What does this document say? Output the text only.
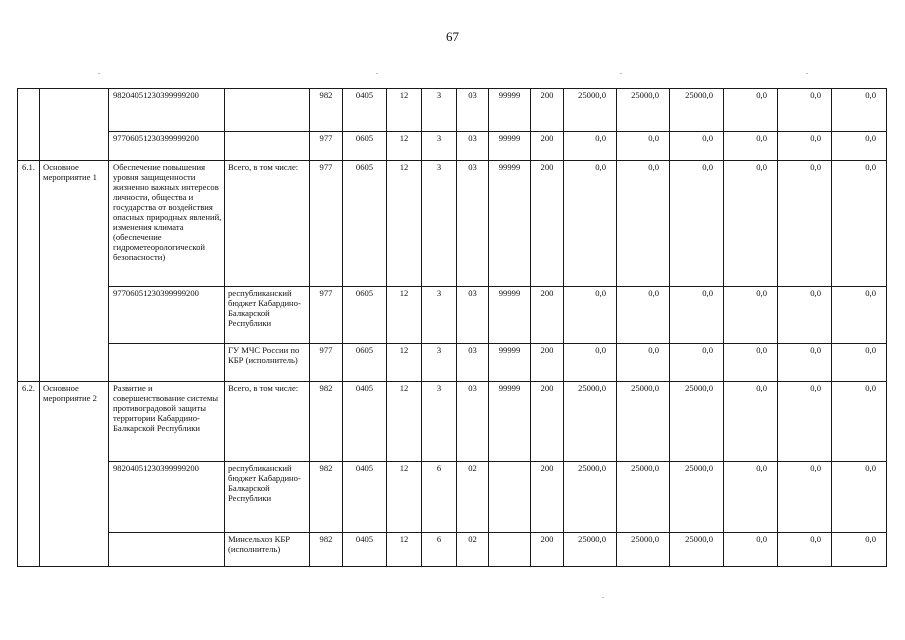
67
		98204051230399999200		982	0405	12	3	03	99999	200	25000,0	25000,0	25000,0	0,0	0,0	0,0
		97706051230399999200		977	0605	12	3	03	99999	200	0,0	0,0	0,0	0,0	0,0	0,0
6.1.	Основное мероприятие 1	Обеспечение повышения уровня защищенности жизненно важных интересов личности, общества и государства от воздействия опасных природных явлений, изменения климата (обеспечение гидрометеорологической безопасности)	Всего, в том числе:	977	0605	12	3	03	99999	200	0,0	0,0	0,0	0,0	0,0	0,0
		97706051230399999200	республиканский бюджет Кабардино-Балкарской Республики	977	0605	12	3	03	99999	200	0,0	0,0	0,0	0,0	0,0	0,0
			ГУ МЧС России по КБР (исполнитель)	977	0605	12	3	03	99999	200	0,0	0,0	0,0	0,0	0,0	0,0
6.2.	Основное мероприятие 2	Развитие и совершенствование системы противоградовой защиты территории Кабардино-Балкарской Республики	Всего, в том числе:	982	0405	12	3	03	99999	200	25000,0	25000,0	25000,0	0,0	0,0	0,0
		98204051230399999200	республиканский бюджет Кабардино-Балкарской Республики	982	0405	12	6	02		200	25000,0	25000,0	25000,0	0,0	0,0	0,0
			Минсельхоз КБР (исполнитель)	982	0405	12	6	02		200	25000,0	25000,0	25000,0	0,0	0,0	0,0
